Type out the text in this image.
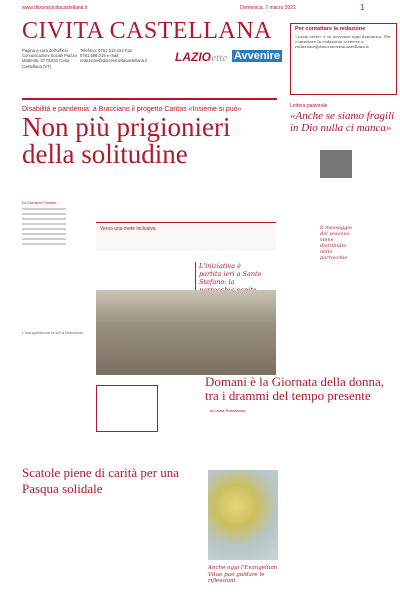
www.diocesicivitacastellana.it	Domenica, 7 marzo 2021	1
CIVITA CASTELLANA
Pagina a cura dell'Ufficio Comunicazioni Sociali Piazza Matteotti, 27 01033 Civita Castellana (VT)
Telefono: 0761.513.152 Fax: 0761.598.019 e-mail: redazione@diocesicivitacastellana.it LAZIO
sette Avvenire
Disabilità e pandemia: a Bracciano il progetto Caritas «Insieme si può»
Non più prigionieri della solitudine
Di Giovanni Tomasi
Verso una mete inclusiva
L'iniziativa è partita ieri a Santo Stefano: la
L'inaugurazione di ieri a Bracciano
Per contattare la redazione
«Lazio sette» è su Avvenire ogni domenica. Per contattare la redazione scrivere a redazione@diocesicivitacastellana.it
Lettera pastorale
«Anche se siamo fragili in Dio nulla ci manca»
Il messaggio del vescovo viene distribuito nelle parrocchie
Domani è la Giornata della donna, tra i drammi del tempo presente
di Laura Rossanese
Anche oggi l'Evangelium Vitae può guidare le riflessioni
Scatole piene di carità per una Pasqua solidale
